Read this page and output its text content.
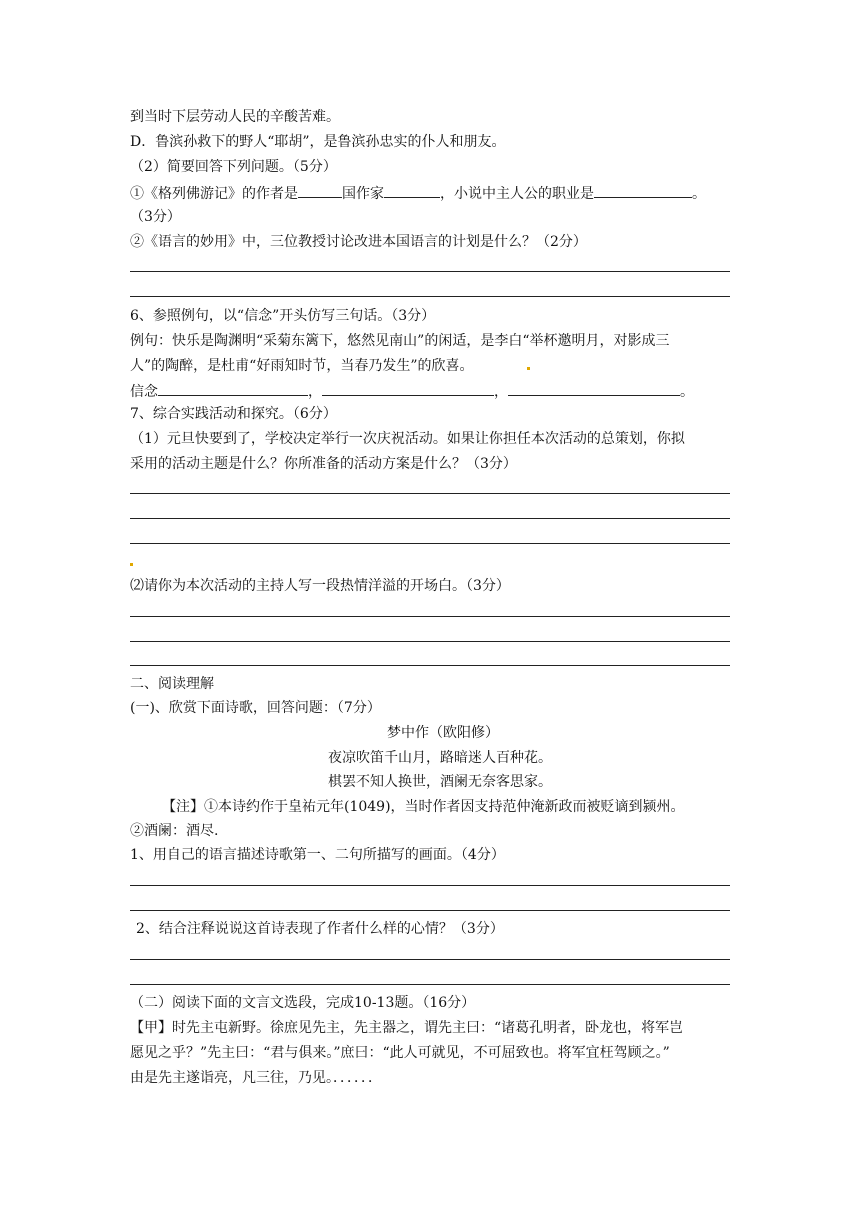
到当时下层劳动人民的辛酸苦难。
D．鲁滨孙救下的野人“耶胡”，是鲁滨孙忠实的仆人和朋友。
（2）简要回答下列问题。（5分）
①《格列佛游记》的作者是	国作家	，小说中主人公的职业是	。
（3分）
②《语言的妙用》中，三位教授讨论改进本国语言的计划是什么？（2分）
6、参照例句，以“信念”开头仿写三句话。（3分）
例句：快乐是陶渊明“采菊东篱下，悠然见南山”的闲适，是李白“举杯邀明月，对影成三
人”的陶醉，是杜甫“好雨知时节，当春乃发生”的欣喜。
信念	，	，	。
7、综合实践活动和探究。（6分）
（1）元旦快要到了，学校决定举行一次庆祝活动。如果让你担任本次活动的总策划，你拟
采用的活动主题是什么？你所准备的活动方案是什么？（3分）
⑵请你为本次活动的主持人写一段热情洋溢的开场白。（3分）
二、阅读理解
(一)、欣赏下面诗歌，回答问题：（7分）
梦中作（欧阳修）
夜凉吹笛千山月，路暗迷人百种花。
棋罢不知人换世，酒阑无奈客思家。
【注】①本诗约作于皇祐元年(1049)，当时作者因支持范仲淹新政而被贬谪到颍州。
②酒阑：酒尽.
1、用自己的语言描述诗歌第一、二句所描写的画面。（4分）
2、结合注释说说这首诗表现了作者什么样的心情？（3分）
（二）阅读下面的文言文选段，完成10-13题。（16分）
【甲】时先主屯新野。徐庶见先主，先主器之，谓先主曰：“诸葛孔明者，卧龙也，将军岂
愿见之乎？”先主曰：“君与俱来。”庶曰：“此人可就见，不可屈致也。将军宜枉驾顾之。”
由是先主遂诣亮，凡三往，乃见。．．．．．．
